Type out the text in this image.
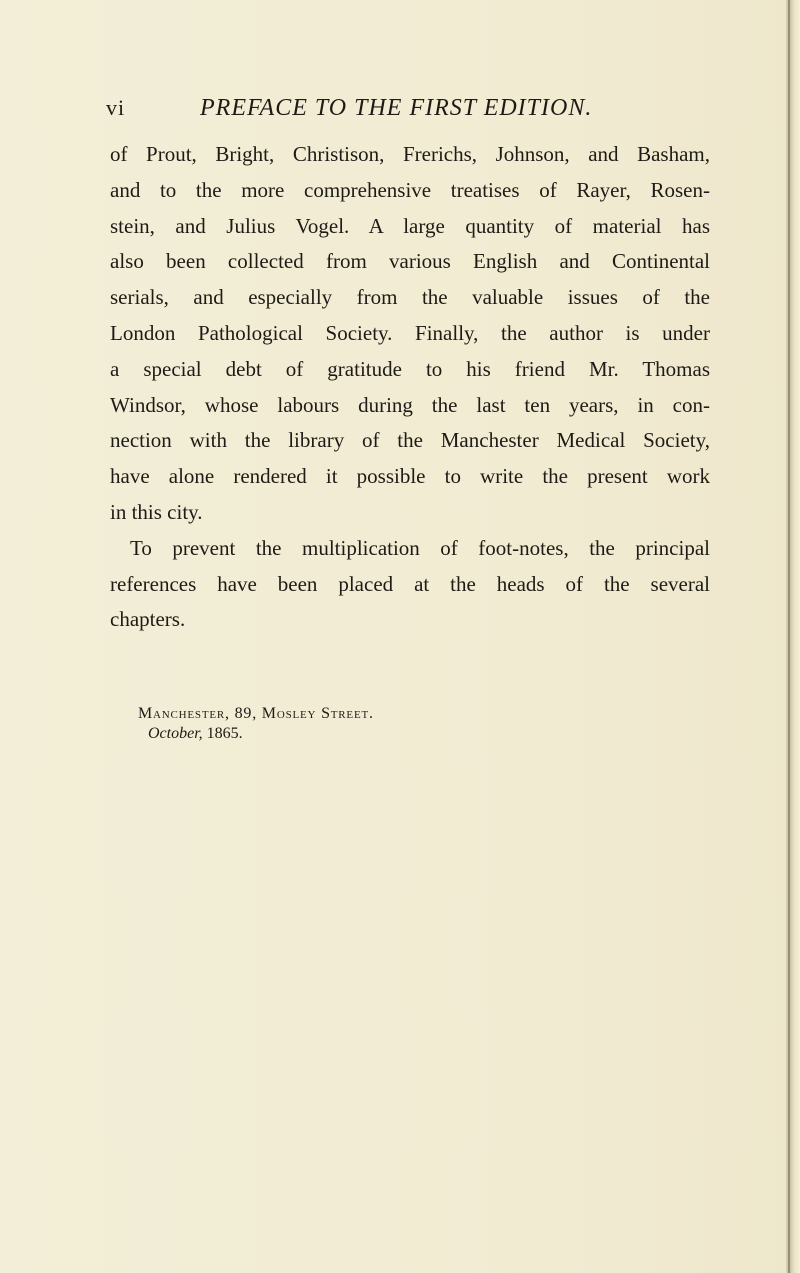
vi	PREFACE TO THE FIRST EDITION.
of Prout, Bright, Christison, Frerichs, Johnson, and Basham,
and to the more comprehensive treatises of Rayer, Rosen-
stein, and Julius Vogel. A large quantity of material has
also been collected from various English and Continental
serials, and especially from the valuable issues of the
London Pathological Society. Finally, the author is under
a special debt of gratitude to his friend Mr. Thomas
Windsor, whose labours during the last ten years, in con-
nection with the library of the Manchester Medical Society,
have alone rendered it possible to write the present work
in this city.
To prevent the multiplication of foot-notes, the principal
references have been placed at the heads of the several
chapters.
Manchester, 89, Mosley Street.
October, 1865.
